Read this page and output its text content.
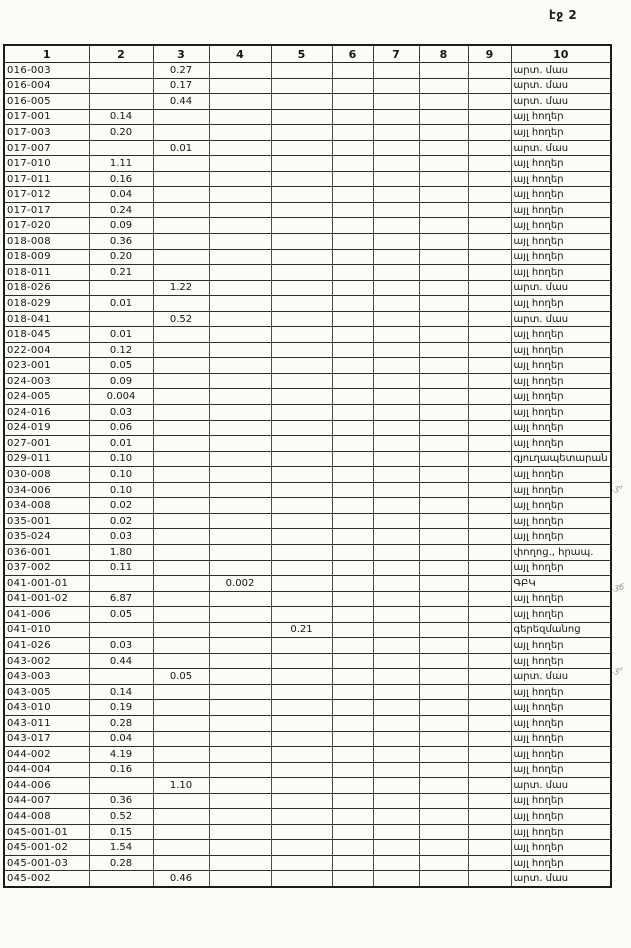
էջ 2
1	2	3	4	5	6	7	8	9	10
016-003		0.27							արտ. մաս
016-004		0.17							արտ. մաս
016-005		0.44							արտ. մաս
017-001	0.14								այլ հողեր
017-003	0.20								այլ հողեր
017-007		0.01							արտ. մաս
017-010	1.11								այլ հողեր
017-011	0.16								այլ հողեր
017-012	0.04								այլ հողեր
017-017	0.24								այլ հողեր
017-020	0.09								այլ հողեր
018-008	0.36								այլ հողեր
018-009	0.20								այլ հողեր
018-011	0.21								այլ հողեր
018-026		1.22							արտ. մաս
018-029	0.01								այլ հողեր
018-041		0.52							արտ. մաս
018-045	0.01								այլ հողեր
022-004	0.12								այլ հողեր
023-001	0.05								այլ հողեր
024-003	0.09								այլ հողեր
024-005	0.004								այլ հողեր
024-016	0.03								այլ հողեր
024-019	0.06								այլ հողեր
027-001	0.01								այլ հողեր
029-011	0.10								գյուղապետարան
030-008	0.10								այլ հողեր
034-006	0.10								այլ հողեր
034-008	0.02								այլ հողեր
035-001	0.02								այլ հողեր
035-024	0.03								այլ հողեր
036-001	1.80								փողոց., հրապ.
037-002	0.11								այլ հողեր
041-001-01			0.002						ԳԲԿ
041-001-02	6.87								այլ հողեր
041-006	0.05								այլ հողեր
041-010				0.21					գերեզմանոց
041-026	0.03								այլ հողեր
043-002	0.44								այլ հողեր
043-003		0.05							արտ. մաս
043-005	0.14								այլ հողեր
043-010	0.19								այլ հողեր
043-011	0.28								այլ հողեր
043-017	0.04								այլ հողեր
044-002	4.19								այլ հողեր
044-004	0.16								այլ հողեր
044-006		1.10							արտ. մաս
044-007	0.36								այլ հողեր
044-008	0.52								այլ հողեր
045-001-01	0.15								այլ հողեր
045-001-02	1.54								այլ հողեր
045-001-03	0.28								այլ հողեր
045-002		0.46							արտ. մաս
.ʒᵈ
.ʒб
.ʒᵈ
